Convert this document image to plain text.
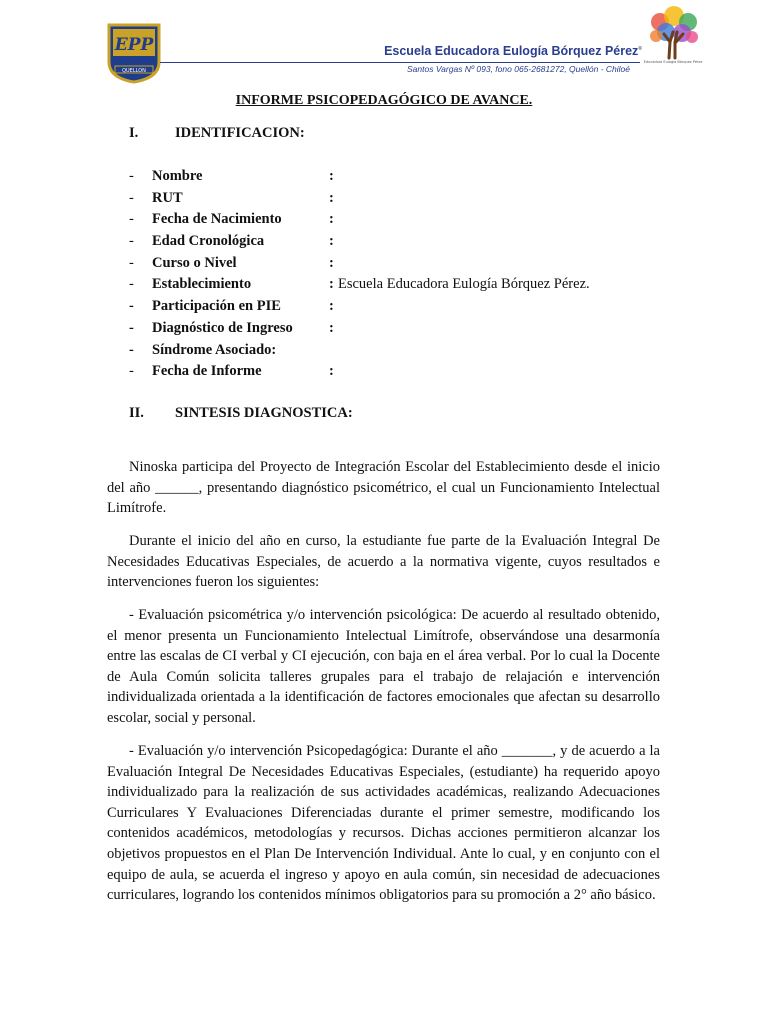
EPP
QUELLON
Escuela Educadora Eulogía Bórquez Pérez®
Santos Vargas Nº 093, fono 065-2681272, Quellón - Chiloé
Educadora Eulogía Bórquez Pérez
INFORME PSICOPEDAGÓGICO DE AVANCE.
I.	IDENTIFICACION:
- Nombre	:
- RUT	:
- Fecha de Nacimiento	:
- Edad Cronológica	:
- Curso o Nivel	:
- Establecimiento	: Escuela Educadora Eulogía Bórquez Pérez.
- Participación en PIE	:
- Diagnóstico de Ingreso	:
- Síndrome Asociado:
- Fecha de Informe	:
II. SINTESIS DIAGNOSTICA:

Ninoska participa del Proyecto de Integración Escolar del Establecimiento desde el inicio del año ______, presentando diagnóstico psicométrico, el cual un Funcionamiento Intelectual Limítrofe.

Durante el inicio del año en curso, la estudiante fue parte de la Evaluación Integral De Necesidades Educativas Especiales, de acuerdo a la normativa vigente, cuyos resultados e intervenciones fueron los siguientes:

- Evaluación psicométrica y/o intervención psicológica: De acuerdo al resultado obtenido, el menor presenta un Funcionamiento Intelectual Limítrofe, observándose una desarmonía entre las escalas de CI verbal y CI ejecución, con baja en el área verbal. Por lo cual la Docente de Aula Común solicita talleres grupales para el trabajo de relajación e intervención individualizada orientada a la identificación de factores emocionales que afectan su desarrollo escolar, social y personal.

- Evaluación y/o intervención Psicopedagógica: Durante el año _______, y de acuerdo a la Evaluación Integral De Necesidades Educativas Especiales, (estudiante) ha requerido apoyo individualizado para la realización de sus actividades académicas, realizando Adecuaciones Curriculares Y Evaluaciones Diferenciadas durante el primer semestre, modificando los contenidos académicos, metodologías y recursos. Dichas acciones permitieron alcanzar los objetivos propuestos en el Plan De Intervención Individual. Ante lo cual, y en conjunto con el equipo de aula, se acuerda el ingreso y apoyo en aula común, sin necesidad de adecuaciones curriculares, logrando los contenidos mínimos obligatorios para su promoción a 2° año básico.
